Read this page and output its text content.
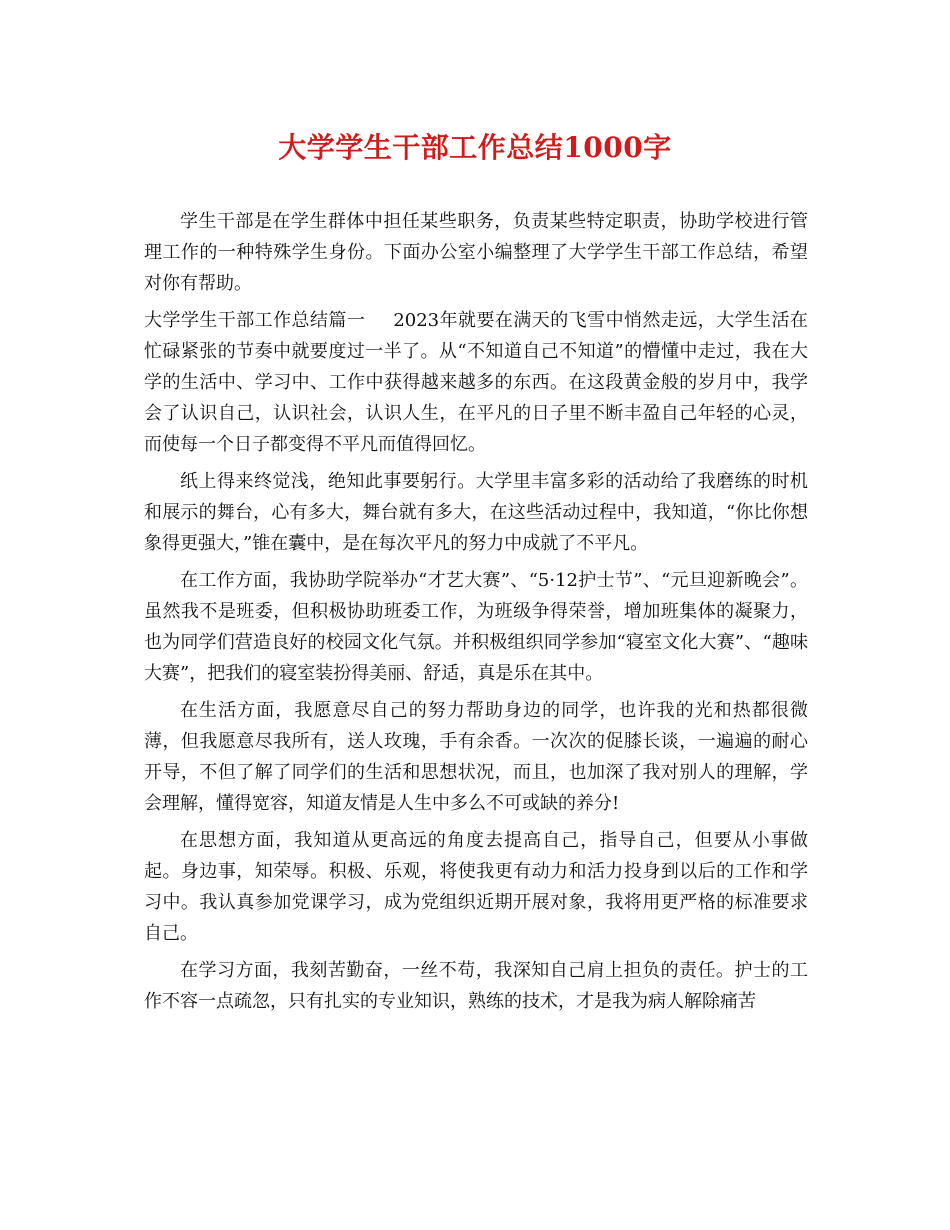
大学学生干部工作总结1000字

学生干部是在学生群体中担任某些职务，负责某些特定职责，协助学校进行管理工作的一种特殊学生身份。下面办公室小编整理了大学学生干部工作总结，希望对你有帮助。

大学学生干部工作总结篇一 2023年就要在满天的飞雪中悄然走远，大学生活在忙碌紧张的节奏中就要度过一半了。从“不知道自己不知道”的懵懂中走过，我在大学的生活中、学习中、工作中获得越来越多的东西。在这段黄金般的岁月中，我学会了认识自己，认识社会，认识人生，在平凡的日子里不断丰盈自己年轻的心灵，而使每一个日子都变得不平凡而值得回忆。

纸上得来终觉浅，绝知此事要躬行。大学里丰富多彩的活动给了我磨练的时机和展示的舞台，心有多大，舞台就有多大，在这些活动过程中，我知道，“你比你想象得更强大，”锥在囊中，是在每次平凡的努力中成就了不平凡。

在工作方面，我协助学院举办“才艺大赛”、“5·12护士节”、“元旦迎新晚会”。虽然我不是班委，但积极协助班委工作，为班级争得荣誉，增加班集体的凝聚力，也为同学们营造良好的校园文化气氛。并积极组织同学参加“寝室文化大赛”、“趣味大赛”，把我们的寝室装扮得美丽、舒适，真是乐在其中。

在生活方面，我愿意尽自己的努力帮助身边的同学，也许我的光和热都很微薄，但我愿意尽我所有，送人玫瑰，手有余香。一次次的促膝长谈，一遍遍的耐心开导，不但了解了同学们的生活和思想状况，而且，也加深了我对别人的理解，学会理解，懂得宽容，知道友情是人生中多么不可或缺的养分!

在思想方面，我知道从更高远的角度去提高自己，指导自己，但要从小事做起。身边事，知荣辱。积极、乐观，将使我更有动力和活力投身到以后的工作和学习中。我认真参加党课学习，成为党组织近期开展对象，我将用更严格的标准要求自己。

在学习方面，我刻苦勤奋，一丝不苟，我深知自己肩上担负的责任。护士的工作不容一点疏忽，只有扎实的专业知识，熟练的技术，才是我为病人解除痛苦
